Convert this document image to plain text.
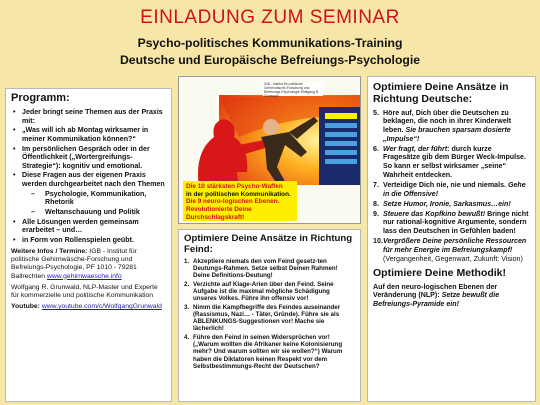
EINLADUNG ZUM SEMINAR
Psycho-politisches Kommunikations-Training
Deutsche und Europäische Befreiungs-Psychologie
Programm:
• Jeder bringt seine Themen aus der Praxis mit:
• „Was will ich ab Montag wirksamer in meiner Kommunikation können?“
• Im persönlichen Gespräch oder in der Öffentlichkeit („Wortergreifungs-Strategie“): kognitiv und emotional.
• Diese Fragen aus der eigenen Praxis werden durchgearbeitet nach den Themen
– Psychologie, Kommunikation, Rhetorik
– Weltanschauung und Politik
• Alle Lösungen werden gemeinsam erarbeitet – und…
• in Form von Rollenspielen geübt.
Weitere Infos / Termine: IGB - Institut für politische Gehirnwäsche-Forschung und Befreiungs-Psychologie, PF 1010 - 79281 Ballrechten www.gehirnwaesche.info
Wolfgang R. Grunwald, NLP-Master und Experte für kommerzielle und politische Kommunikation
Youtube: www.youtube.com/c/WolfgangGrunwald
IGB - Institut für politische Gehirnwäsche-Forschung und Befreiungs-Psychologie Wolfgang R. Grunwald
Die 10 stärksten Psycho-Waffen
in der politischen Kommunikation.
Die 9 neuro-logischen Ebenen.
Revolutionierte Deine Durchschlagskraft!
Optimiere Deine Ansätze in Richtung Feind:
1. Akzeptiere niemals den vom Feind gesetz-ten Deutungs-Rahmen. Setze selbst Deinen Rahmen! Deine Definitions-Deutung!
2. Verzichte auf Klage-Arien über den Feind. Seine Aufgabe ist die maximal mögliche Schädigung unseres Volkes. Führe ihn offensiv vor!
3. Nimm die Kampfbegriffe des Feindes auseinander (Rassismus, Nazi… - Täter, Gründe). Führe sie als ABLENKUNGS-Suggestionen vor! Mache sie lächerlich!
4. Führe den Feind in seinen Widersprüchen vor! („Warum wollten die Afrikaner keine Kolonisierung mehr? Und warum sollten wir sie wollen?“) Warum haben die Diktatoren keinen Respekt vor dem Selbstbestimmungs-Recht der Deutschen?
Optimiere Deine Ansätze in Richtung Deutsche:
5. Höre auf, Dich über die Deutschen zu beklagen, die noch in ihrer Kinderwelt leben. Sie brauchen sparsam dosierte „Impulse“!
6. Wer fragt, der führt: durch kurze Fragesätze gib dem Bürger Weck-Impulse. So kann er selbst wirksamer „seine“ Wahrheit entdecken.
7. Verteidige Dich nie, nie und niemals. Gehe in die Offensive!
8. Setze Humor, Ironie, Sarkasmus…ein!
9. Steuere das Kopfkino bewußt! Bringe nicht nur rational-kognitive Argumente, sondern lass den Deutschen in Gefühlen baden!
10. Vergrößere Deine persönliche Ressourcen für mehr Energie im Befreiungskampf! (Vergangenheit, Gegenwart, Zukunft: Vision)
Optimiere Deine Methodik!
Auf den neuro-logischen Ebenen der Veränderung (NLP): Setze bewußt die Befreiungs-Pyramide ein!
